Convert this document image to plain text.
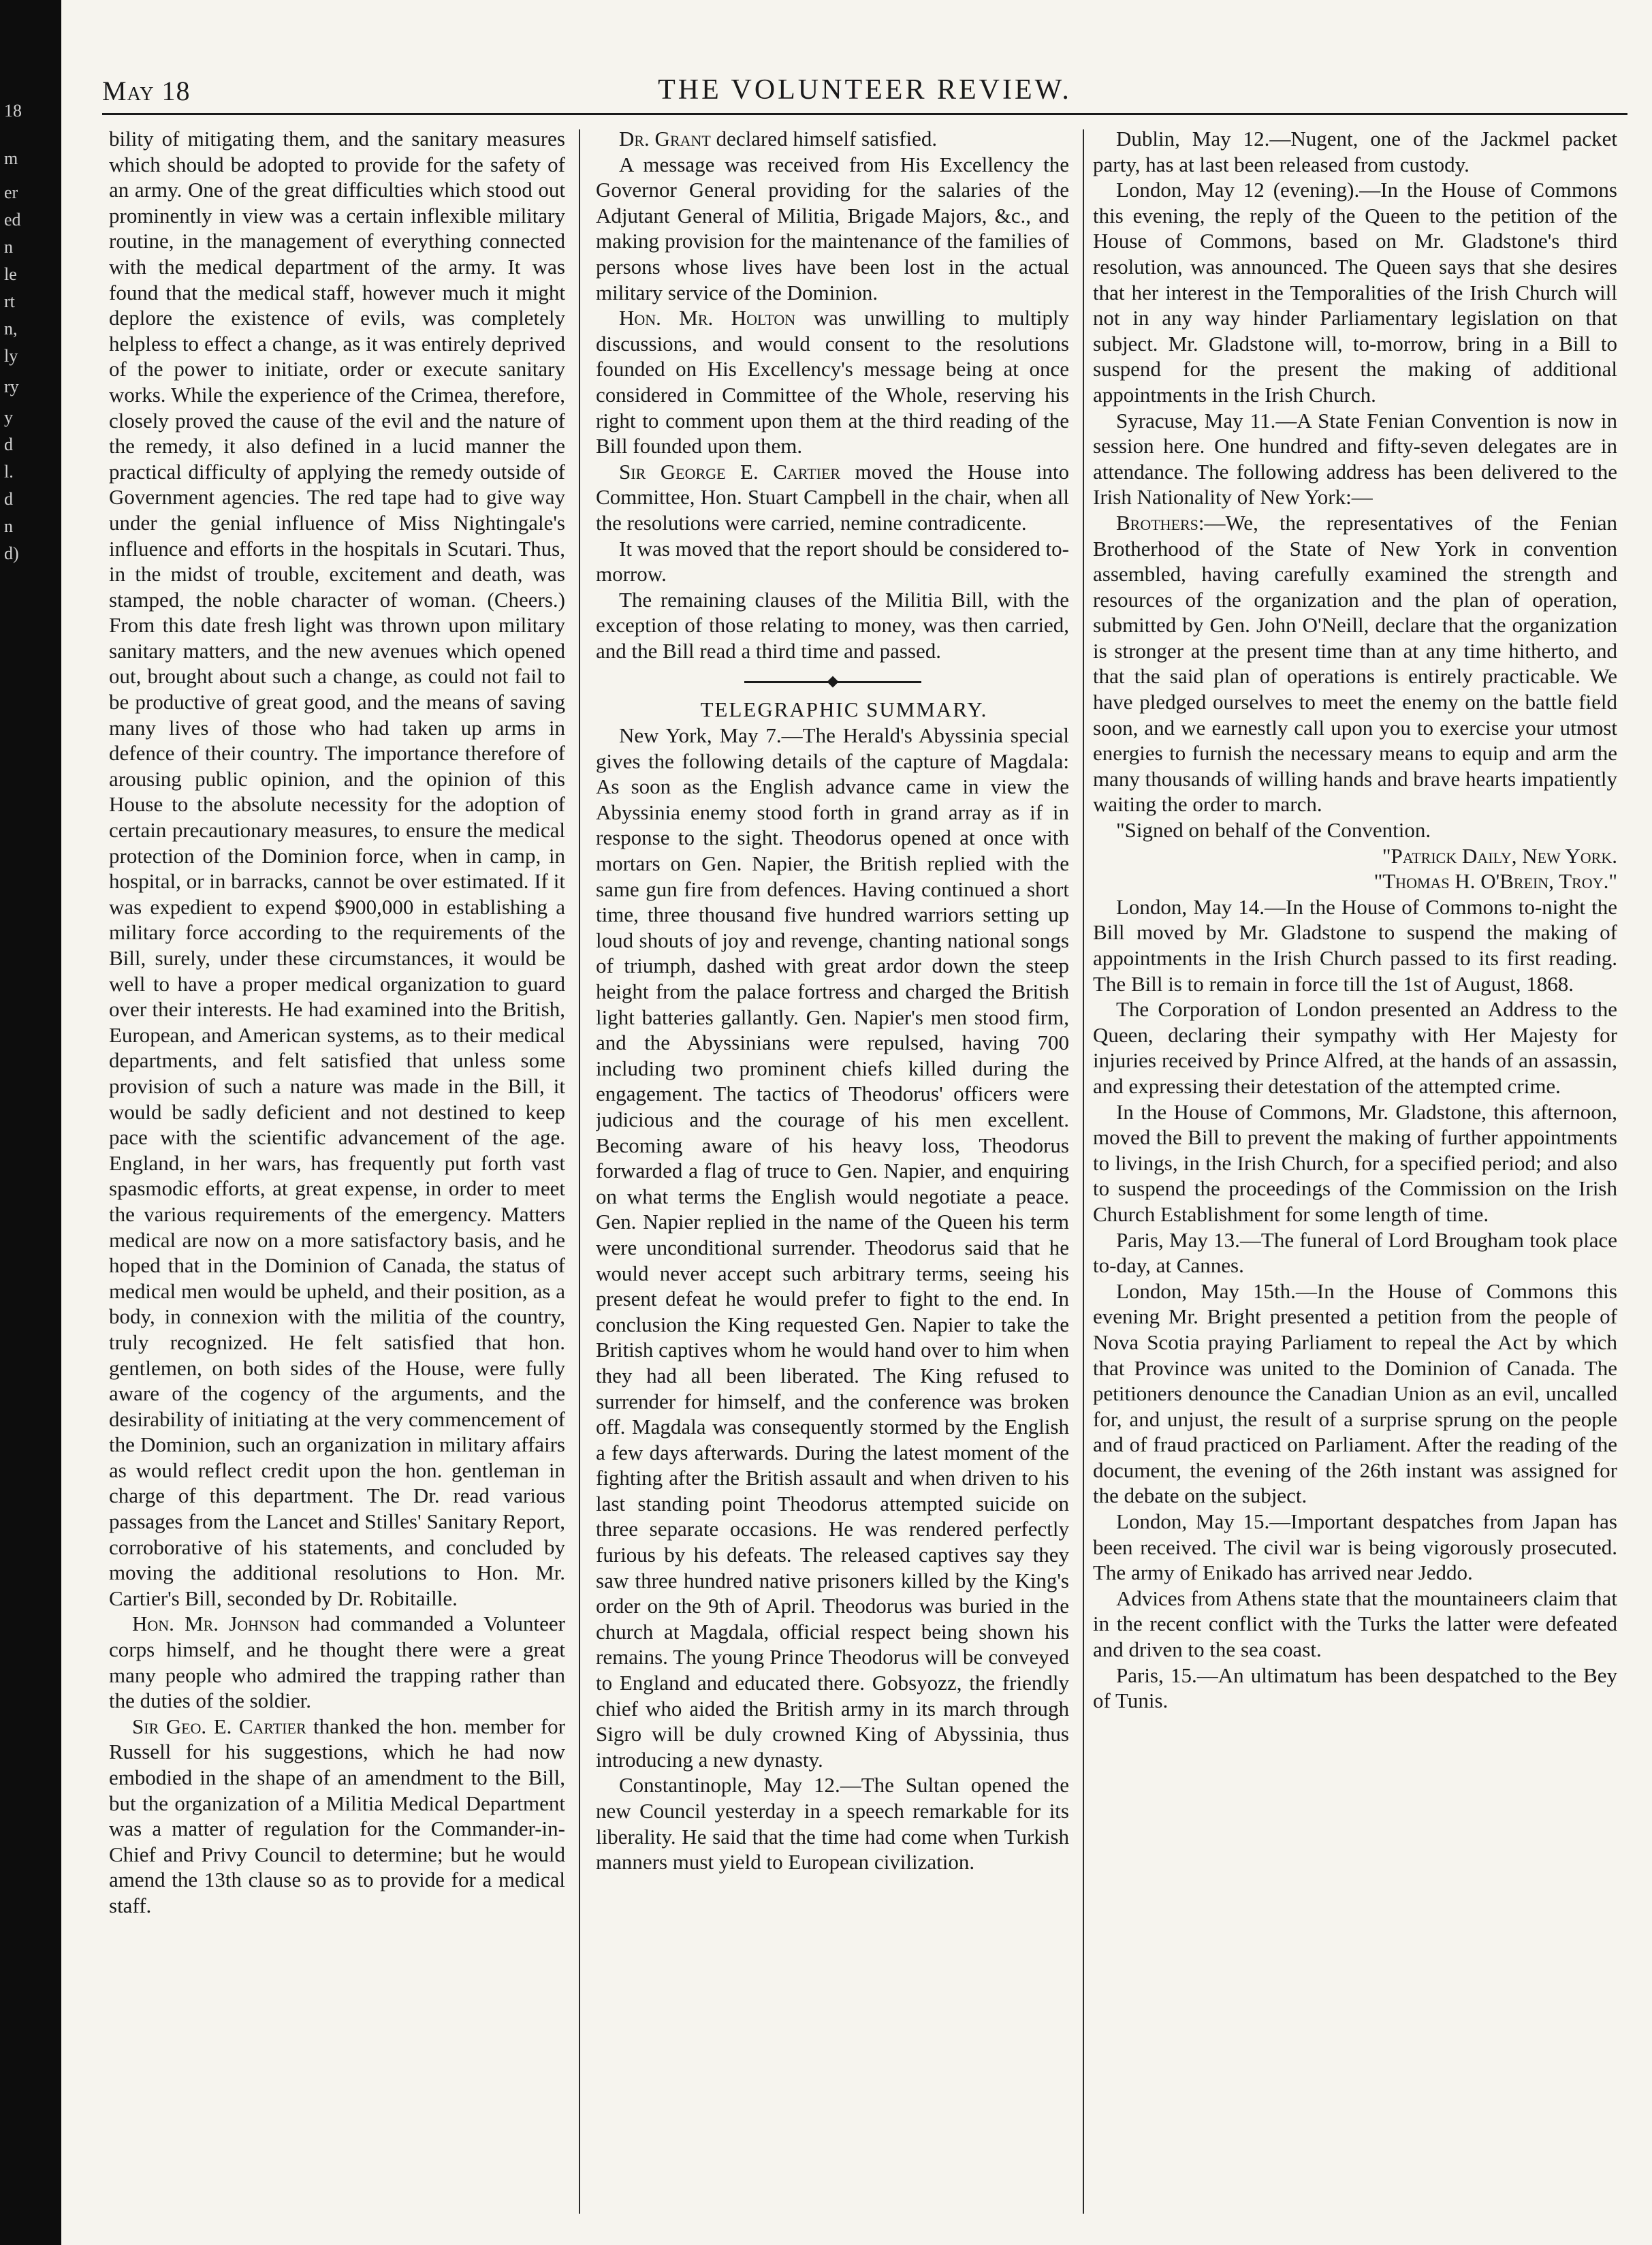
18
m
er
ed
n
le
rt
n,
ly
ry
y
d
l.
d
n
d)
May 18	THE VOLUNTEER REVIEW.

bility of mitigating them, and the sanitary measures which should be adopted to provide for the safety of an army. One of the great difficulties which stood out prominently in view was a certain inflexible military routine, in the management of everything connected with the medical department of the army. It was found that the medical staff, however much it might deplore the existence of evils, was completely helpless to effect a change, as it was entirely deprived of the power to initiate, order or execute sanitary works. While the experience of the Crimea, therefore, closely proved the cause of the evil and the nature of the remedy, it also defined in a lucid manner the practical difficulty of applying the remedy outside of Government agencies. The red tape had to give way under the genial influence of Miss Nightingale's influence and efforts in the hospitals in Scutari. Thus, in the midst of trouble, excitement and death, was stamped, the noble character of woman. (Cheers.) From this date fresh light was thrown upon military sanitary matters, and the new avenues which opened out, brought about such a change, as could not fail to be productive of great good, and the means of saving many lives of those who had taken up arms in defence of their country. The importance therefore of arousing public opinion, and the opinion of this House to the absolute necessity for the adoption of certain precautionary measures, to ensure the medical protection of the Dominion force, when in camp, in hospital, or in barracks, cannot be over estimated. If it was expedient to expend $900,000 in establishing a military force according to the requirements of the Bill, surely, under these circumstances, it would be well to have a proper medical organization to guard over their interests. He had examined into the British, European, and American systems, as to their medical departments, and felt satisfied that unless some provision of such a nature was made in the Bill, it would be sadly deficient and not destined to keep pace with the scientific advancement of the age. England, in her wars, has frequently put forth vast spasmodic efforts, at great expense, in order to meet the various requirements of the emergency. Matters medical are now on a more satisfactory basis, and he hoped that in the Dominion of Canada, the status of medical men would be upheld, and their position, as a body, in connexion with the militia of the country, truly recognized. He felt satisfied that hon. gentlemen, on both sides of the House, were fully aware of the cogency of the arguments, and the desirability of initiating at the very commencement of the Dominion, such an organization in military affairs as would reflect credit upon the hon. gentleman in charge of this department. The Dr. read various passages from the Lancet and Stilles' Sanitary Report, corroborative of his statements, and concluded by moving the additional resolutions to Hon. Mr. Cartier's Bill, seconded by Dr. Robitaille.

Hon. Mr. Johnson had commanded a Volunteer corps himself, and he thought there were a great many people who admired the trapping rather than the duties of the soldier.

Sir Geo. E. Cartier thanked the hon. member for Russell for his suggestions, which he had now embodied in the shape of an amendment to the Bill, but the organization of a Militia Medical Department was a matter of regulation for the Commander-in-Chief and Privy Council to determine; but he would amend the 13th clause so as to provide for a medical staff.

Dr. Grant declared himself satisfied.

A message was received from His Excellency the Governor General providing for the salaries of the Adjutant General of Militia, Brigade Majors, &c., and making provision for the maintenance of the families of persons whose lives have been lost in the actual military service of the Dominion.

Hon. Mr. Holton was unwilling to multiply discussions, and would consent to the resolutions founded on His Excellency's message being at once considered in Committee of the Whole, reserving his right to comment upon them at the third reading of the Bill founded upon them.

Sir George E. Cartier moved the House into Committee, Hon. Stuart Campbell in the chair, when all the resolutions were carried, nemine contradicente.

It was moved that the report should be considered to-morrow.

The remaining clauses of the Militia Bill, with the exception of those relating to money, was then carried, and the Bill read a third time and passed.

TELEGRAPHIC SUMMARY.

New York, May 7.—The Herald's Abyssinia special gives the following details of the capture of Magdala: As soon as the English advance came in view the Abyssinia enemy stood forth in grand array as if in response to the sight. Theodorus opened at once with mortars on Gen. Napier, the British replied with the same gun fire from defences. Having continued a short time, three thousand five hundred warriors setting up loud shouts of joy and revenge, chanting national songs of triumph, dashed with great ardor down the steep height from the palace fortress and charged the British light batteries gallantly. Gen. Napier's men stood firm, and the Abyssinians were repulsed, having 700 including two prominent chiefs killed during the engagement. The tactics of Theodorus' officers were judicious and the courage of his men excellent. Becoming aware of his heavy loss, Theodorus forwarded a flag of truce to Gen. Napier, and enquiring on what terms the English would negotiate a peace. Gen. Napier replied in the name of the Queen his term were unconditional surrender. Theodorus said that he would never accept such arbitrary terms, seeing his present defeat he would prefer to fight to the end. In conclusion the King requested Gen. Napier to take the British captives whom he would hand over to him when they had all been liberated. The King refused to surrender for himself, and the conference was broken off. Magdala was consequently stormed by the English a few days afterwards. During the latest moment of the fighting after the British assault and when driven to his last standing point Theodorus attempted suicide on three separate occasions. He was rendered perfectly furious by his defeats. The released captives say they saw three hundred native prisoners killed by the King's order on the 9th of April. Theodorus was buried in the church at Magdala, official respect being shown his remains. The young Prince Theodorus will be conveyed to England and educated there. Gobsyozz, the friendly chief who aided the British army in its march through Sigro will be duly crowned King of Abyssinia, thus introducing a new dynasty.

Constantinople, May 12.—The Sultan opened the new Council yesterday in a speech remarkable for its liberality. He said that the time had come when Turkish manners must yield to European civilization.

Dublin, May 12.—Nugent, one of the Jackmel packet party, has at last been released from custody.

London, May 12 (evening).—In the House of Commons this evening, the reply of the Queen to the petition of the House of Commons, based on Mr. Gladstone's third resolution, was announced. The Queen says that she desires that her interest in the Temporalities of the Irish Church will not in any way hinder Parliamentary legislation on that subject. Mr. Gladstone will, to-morrow, bring in a Bill to suspend for the present the making of additional appointments in the Irish Church.

Syracuse, May 11.—A State Fenian Convention is now in session here. One hundred and fifty-seven delegates are in attendance. The following address has been delivered to the Irish Nationality of New York:—

Brothers:—We, the representatives of the Fenian Brotherhood of the State of New York in convention assembled, having carefully examined the strength and resources of the organization and the plan of operation, submitted by Gen. John O'Neill, declare that the organization is stronger at the present time than at any time hitherto, and that the said plan of operations is entirely practicable. We have pledged ourselves to meet the enemy on the battle field soon, and we earnestly call upon you to exercise your utmost energies to furnish the necessary means to equip and arm the many thousands of willing hands and brave hearts impatiently waiting the order to march.

"Signed on behalf of the Convention.

"Patrick Daily, New York.

"Thomas H. O'Brein, Troy."

London, May 14.—In the House of Commons to-night the Bill moved by Mr. Gladstone to suspend the making of appointments in the Irish Church passed to its first reading. The Bill is to remain in force till the 1st of August, 1868.

The Corporation of London presented an Address to the Queen, declaring their sympathy with Her Majesty for injuries received by Prince Alfred, at the hands of an assassin, and expressing their detestation of the attempted crime.

In the House of Commons, Mr. Gladstone, this afternoon, moved the Bill to prevent the making of further appointments to livings, in the Irish Church, for a specified period; and also to suspend the proceedings of the Commission on the Irish Church Establishment for some length of time.

Paris, May 13.—The funeral of Lord Brougham took place to-day, at Cannes.

London, May 15th.—In the House of Commons this evening Mr. Bright presented a petition from the people of Nova Scotia praying Parliament to repeal the Act by which that Province was united to the Dominion of Canada. The petitioners denounce the Canadian Union as an evil, uncalled for, and unjust, the result of a surprise sprung on the people and of fraud practiced on Parliament. After the reading of the document, the evening of the 26th instant was assigned for the debate on the subject.

London, May 15.—Important despatches from Japan has been received. The civil war is being vigorously prosecuted. The army of Enikado has arrived near Jeddo.

Advices from Athens state that the mountaineers claim that in the recent conflict with the Turks the latter were defeated and driven to the sea coast.

Paris, 15.—An ultimatum has been despatched to the Bey of Tunis.
